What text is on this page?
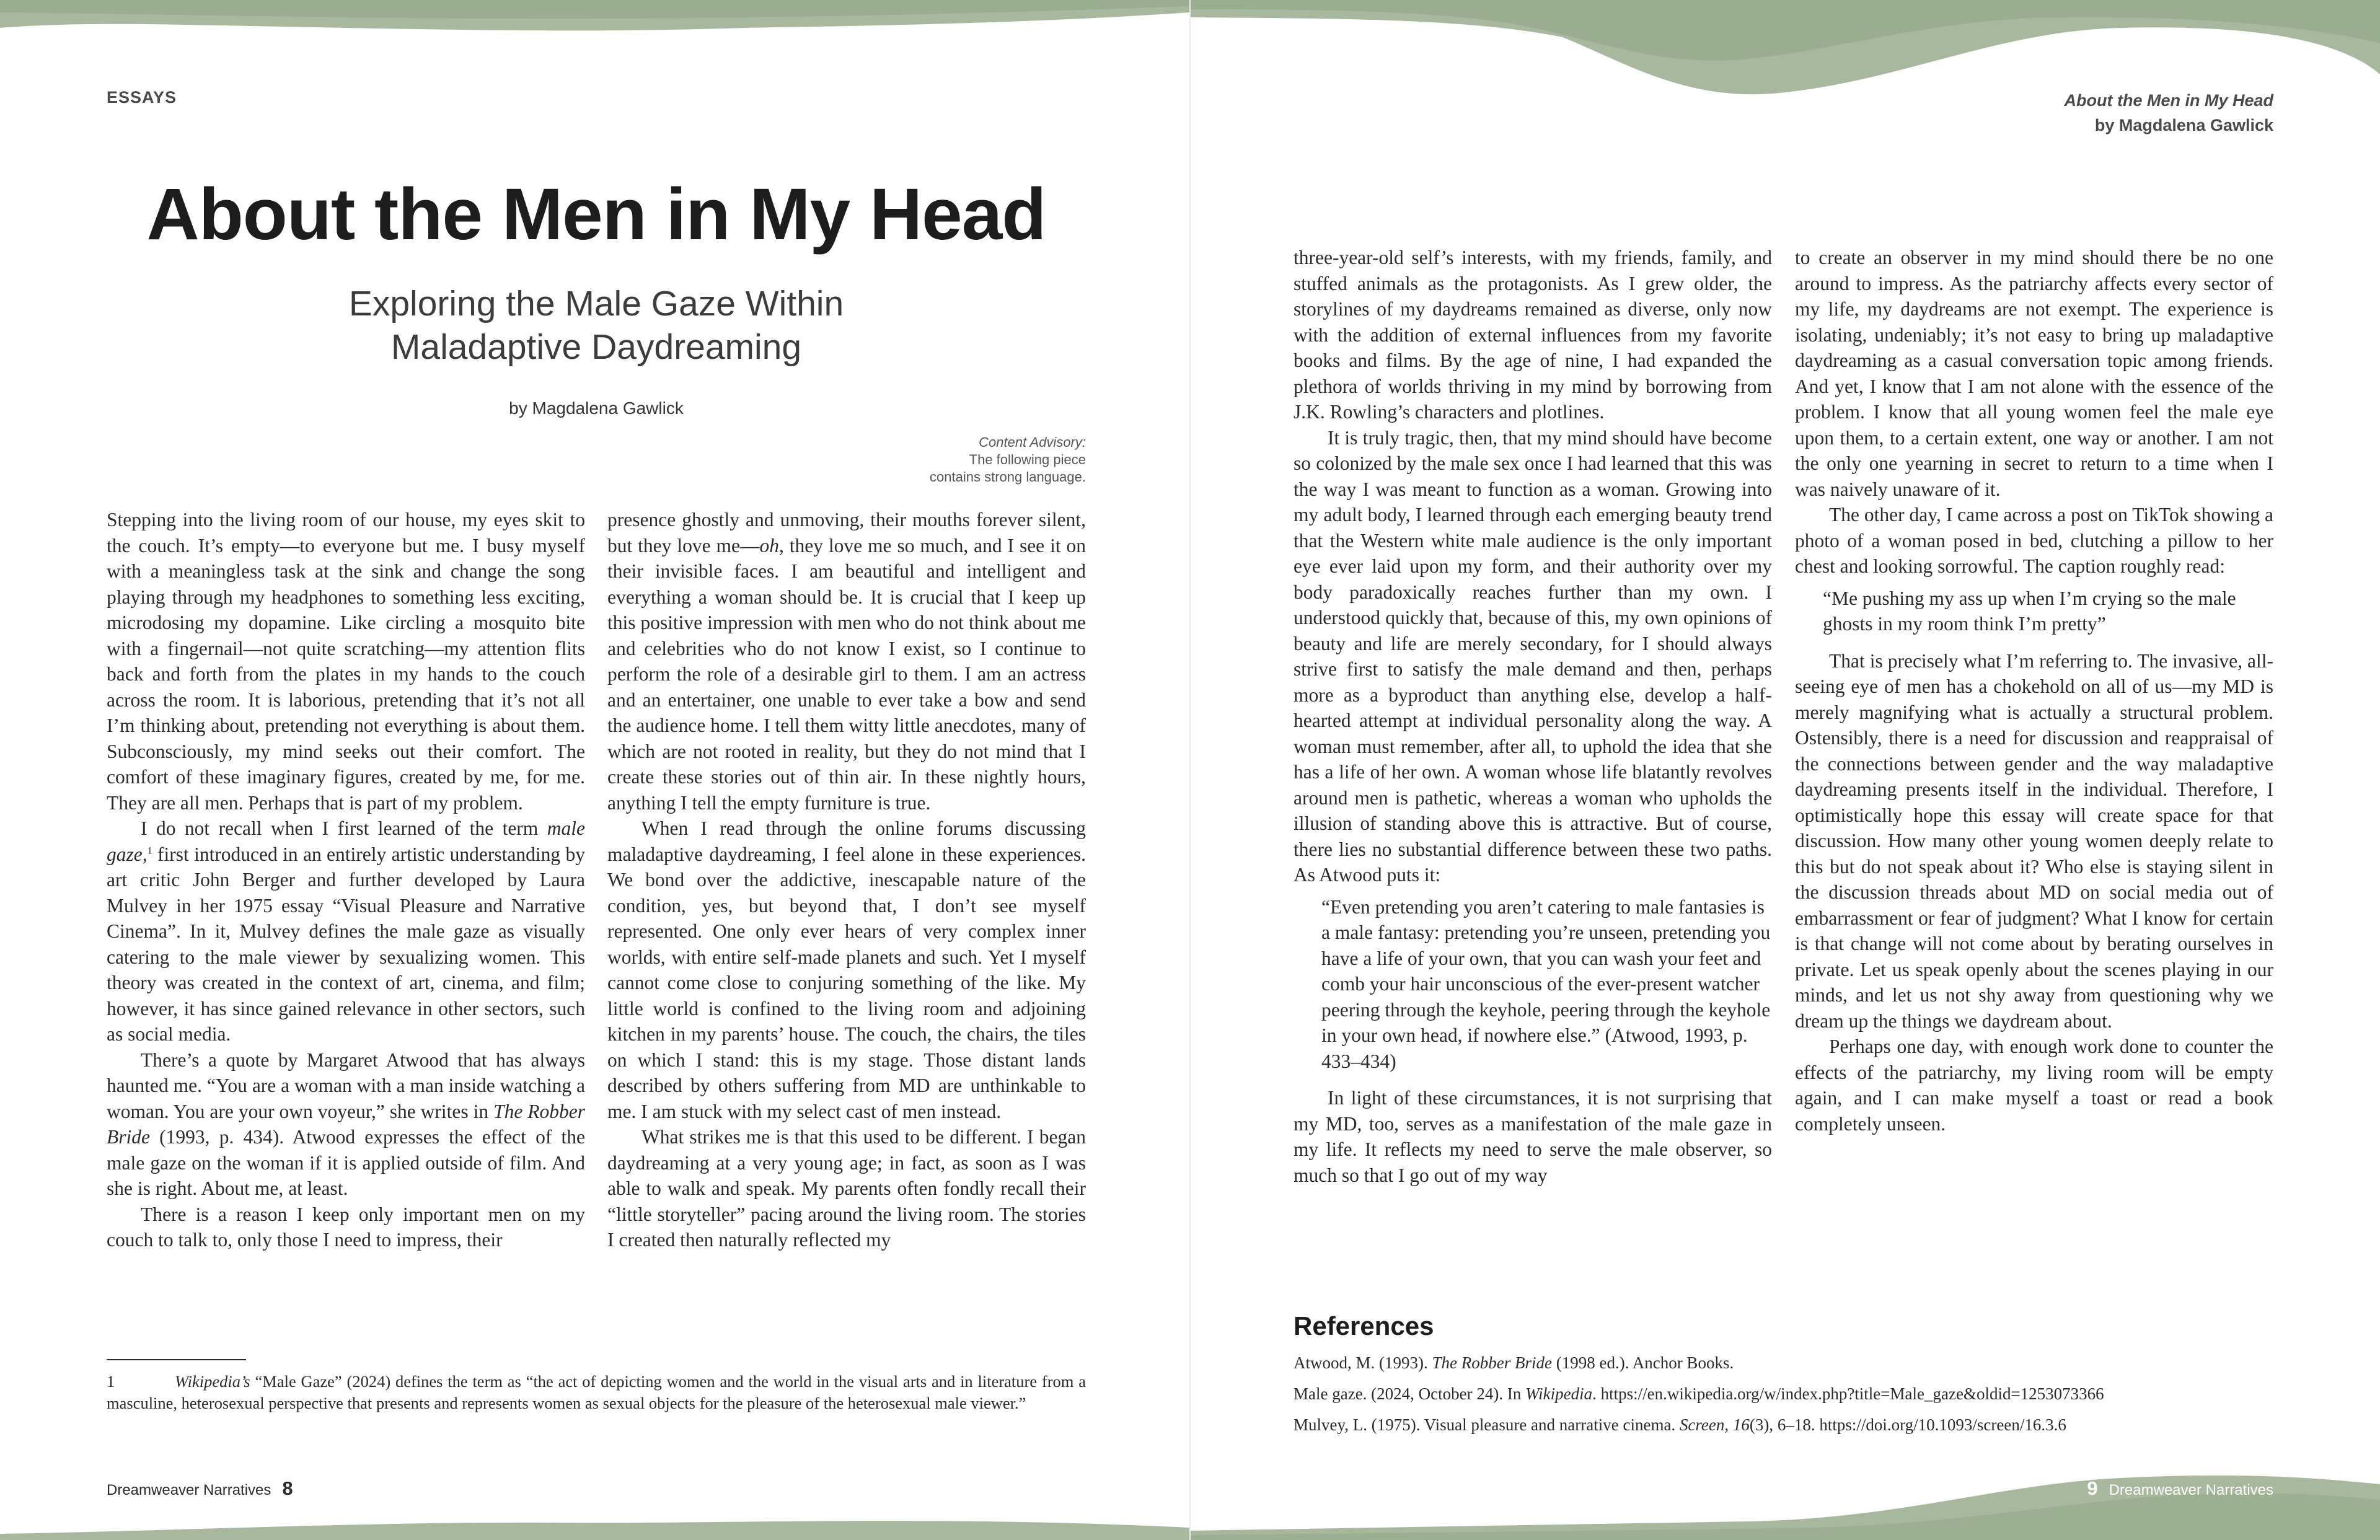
ESSAYS
About the Men in My Head
Exploring the Male Gaze Within
Maladaptive Daydreaming
by Magdalena Gawlick
Content Advisory:
The following piece
contains strong language.

Stepping into the living room of our house, my eyes skit to the couch. It’s empty—to everyone but me. I busy myself with a meaningless task at the sink and change the song playing through my headphones to something less exciting, microdosing my dopamine. Like circling a mosquito bite with a fingernail—not quite scratching—my attention flits back and forth from the plates in my hands to the couch across the room. It is laborious, pretending that it’s not all I’m thinking about, pretending not everything is about them. Subconsciously, my mind seeks out their comfort. The comfort of these imaginary figures, created by me, for me. They are all men. Perhaps that is part of my problem.

I do not recall when I first learned of the term male gaze,$^1$ first introduced in an entirely artistic understanding by art critic John Berger and further developed by Laura Mulvey in her 1975 essay “Visual Pleasure and Narrative Cinema”. In it, Mulvey defines the male gaze as visually catering to the male viewer by sexualizing women. This theory was created in the context of art, cinema, and film; however, it has since gained relevance in other sectors, such as social media.

There’s a quote by Margaret Atwood that has always haunted me. “You are a woman with a man inside watching a woman. You are your own voyeur,” she writes in The Robber Bride (1993, p. 434). Atwood expresses the effect of the male gaze on the woman if it is applied outside of film. And she is right. About me, at least.

There is a reason I keep only important men on my couch to talk to, only those I need to impress, their

presence ghostly and unmoving, their mouths forever silent, but they love me—oh, they love me so much, and I see it on their invisible faces. I am beautiful and intelligent and everything a woman should be. It is crucial that I keep up this positive impression with men who do not think about me and celebrities who do not know I exist, so I continue to perform the role of a desirable girl to them. I am an actress and an entertainer, one unable to ever take a bow and send the audience home. I tell them witty little anecdotes, many of which are not rooted in reality, but they do not mind that I create these stories out of thin air. In these nightly hours, anything I tell the empty furniture is true.

When I read through the online forums discussing maladaptive daydreaming, I feel alone in these experiences. We bond over the addictive, inescapable nature of the condition, yes, but beyond that, I don’t see myself represented. One only ever hears of very complex inner worlds, with entire self-made planets and such. Yet I myself cannot come close to conjuring something of the like. My little world is confined to the living room and adjoining kitchen in my parents’ house. The couch, the chairs, the tiles on which I stand: this is my stage. Those distant lands described by others suffering from MD are unthinkable to me. I am stuck with my select cast of men instead.

What strikes me is that this used to be different. I began daydreaming at a very young age; in fact, as soon as I was able to walk and speak. My parents often fondly recall their “little storyteller” pacing around the living room. The stories I created then naturally reflected my

1	Wikipedia’s “Male Gaze” (2024) defines the term as “the act of depicting women and the world in the visual arts and in literature from a masculine, heterosexual perspective that presents and represents women as sexual objects for the pleasure of the heterosexual male viewer.”
Dreamweaver Narratives 8
About the Men in My Head
by Magdalena Gawlick

three-year-old self’s interests, with my friends, family, and stuffed animals as the protagonists. As I grew older, the storylines of my daydreams remained as diverse, only now with the addition of external influences from my favorite books and films. By the age of nine, I had expanded the plethora of worlds thriving in my mind by borrowing from J.K. Rowling’s characters and plotlines.

It is truly tragic, then, that my mind should have become so colonized by the male sex once I had learned that this was the way I was meant to function as a woman. Growing into my adult body, I learned through each emerging beauty trend that the Western white male audience is the only important eye ever laid upon my form, and their authority over my body paradoxically reaches further than my own. I understood quickly that, because of this, my own opinions of beauty and life are merely secondary, for I should always strive first to satisfy the male demand and then, perhaps more as a byproduct than anything else, develop a half-hearted attempt at individual personality along the way. A woman must remember, after all, to uphold the idea that she has a life of her own. A woman whose life blatantly revolves around men is pathetic, whereas a woman who upholds the illusion of standing above this is attractive. But of course, there lies no substantial difference between these two paths. As Atwood puts it:

“Even pretending you aren’t catering to male fantasies is a male fantasy: pretending you’re unseen, pretending you have a life of your own, that you can wash your feet and comb your hair unconscious of the ever-present watcher peering through the keyhole, peering through the keyhole in your own head, if nowhere else.” (Atwood, 1993, p. 433–434)

In light of these circumstances, it is not surprising that my MD, too, serves as a manifestation of the male gaze in my life. It reflects my need to serve the male observer, so much so that I go out of my way

to create an observer in my mind should there be no one around to impress. As the patriarchy affects every sector of my life, my daydreams are not exempt. The experience is isolating, undeniably; it’s not easy to bring up maladaptive daydreaming as a casual conversation topic among friends. And yet, I know that I am not alone with the essence of the problem. I know that all young women feel the male eye upon them, to a certain extent, one way or another. I am not the only one yearning in secret to return to a time when I was naively unaware of it.

The other day, I came across a post on TikTok showing a photo of a woman posed in bed, clutching a pillow to her chest and looking sorrowful. The caption roughly read:

“Me pushing my ass up when I’m crying so the male ghosts in my room think I’m pretty”

That is precisely what I’m referring to. The invasive, all-seeing eye of men has a chokehold on all of us—my MD is merely magnifying what is actually a structural problem. Ostensibly, there is a need for discussion and reappraisal of the connections between gender and the way maladaptive daydreaming presents itself in the individual. Therefore, I optimistically hope this essay will create space for that discussion. How many other young women deeply relate to this but do not speak about it? Who else is staying silent in the discussion threads about MD on social media out of embarrassment or fear of judgment? What I know for certain is that change will not come about by berating ourselves in private. Let us speak openly about the scenes playing in our minds, and let us not shy away from questioning why we dream up the things we daydream about.

Perhaps one day, with enough work done to counter the effects of the patriarchy, my living room will be empty again, and I can make myself a toast or read a book completely unseen.

References
Atwood, M. (1993). The Robber Bride (1998 ed.). Anchor Books.
Male gaze. (2024, October 24). In Wikipedia. https://en.wikipedia.org/w/index.php?title=Male_gaze&oldid=1253073366
Mulvey, L. (1975). Visual pleasure and narrative cinema. Screen, 16(3), 6–18. https://doi.org/10.1093/screen/16.3.6
9 Dreamweaver Narratives
